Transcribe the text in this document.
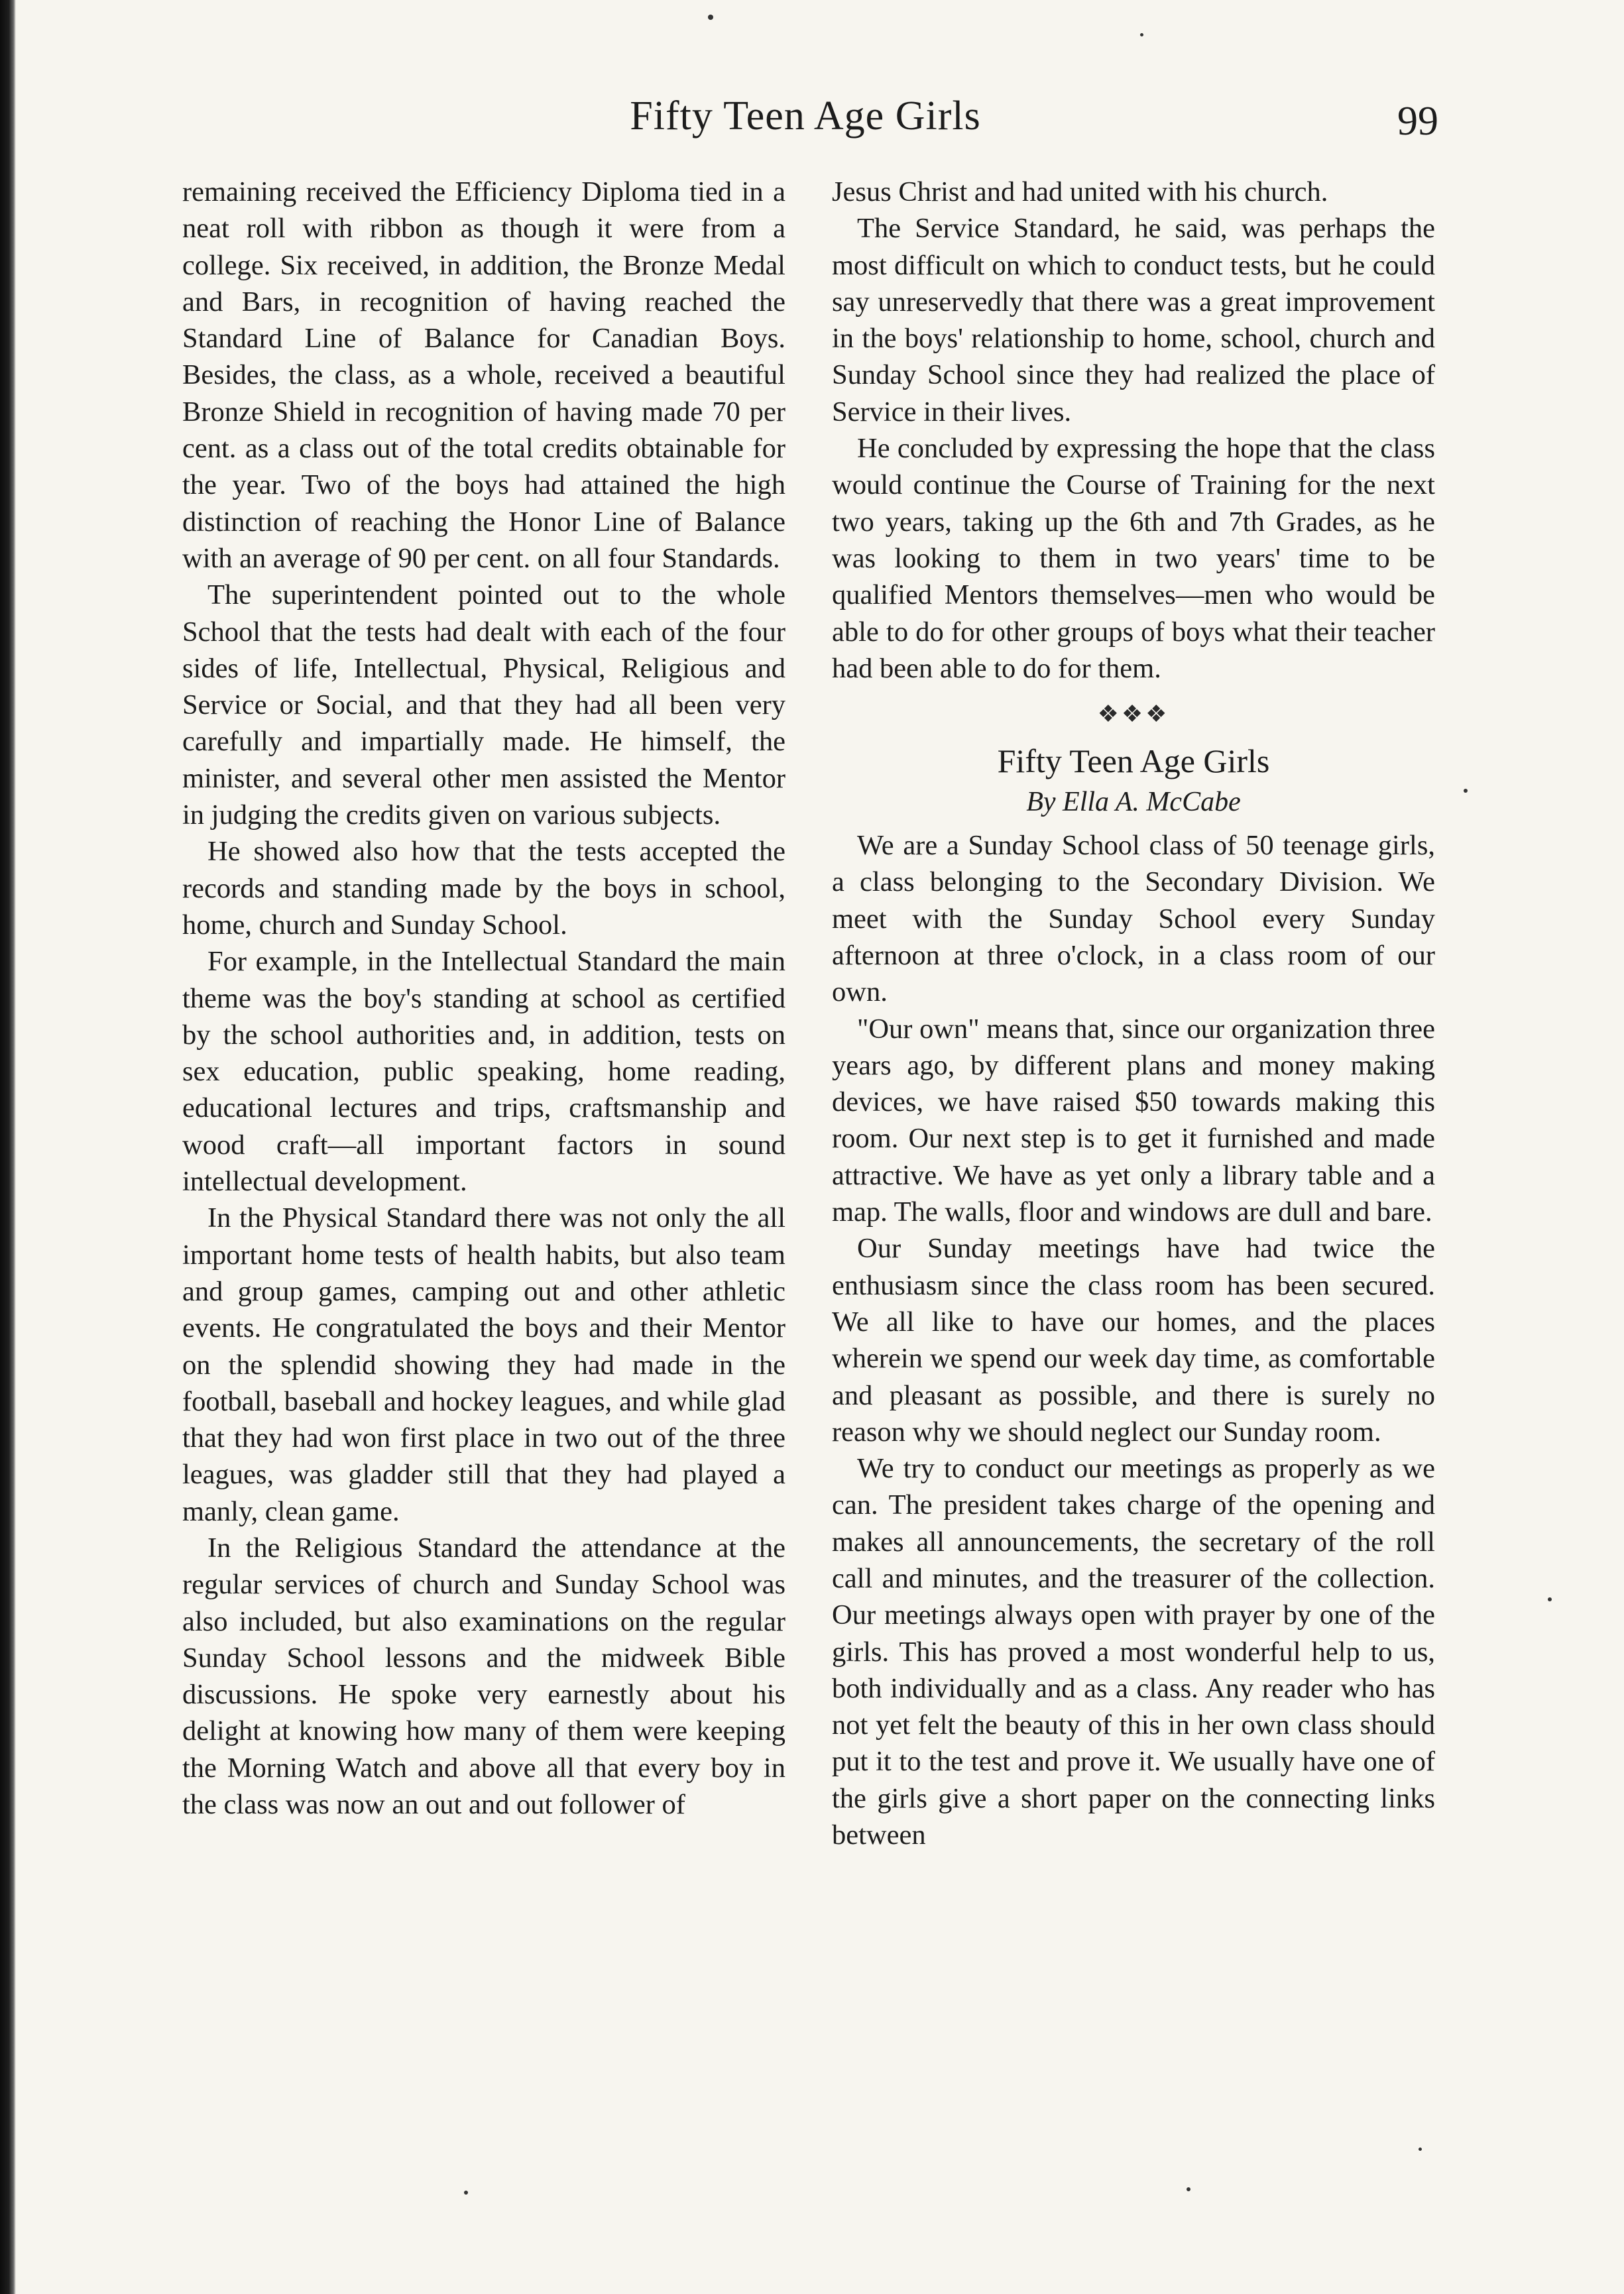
Fifty Teen Age Girls	99

remaining received the Efficiency Diploma tied in a neat roll with ribbon as though it were from a college. Six received, in addition, the Bronze Medal and Bars, in recognition of having reached the Standard Line of Balance for Canadian Boys. Besides, the class, as a whole, received a beautiful Bronze Shield in recognition of having made 70 per cent. as a class out of the total credits obtainable for the year. Two of the boys had attained the high distinction of reaching the Honor Line of Balance with an average of 90 per cent. on all four Standards.

The superintendent pointed out to the whole School that the tests had dealt with each of the four sides of life, Intellectual, Physical, Religious and Service or Social, and that they had all been very carefully and impartially made. He himself, the minister, and several other men assisted the Mentor in judging the credits given on various subjects.

He showed also how that the tests accepted the records and standing made by the boys in school, home, church and Sunday School.

For example, in the Intellectual Standard the main theme was the boy's standing at school as certified by the school authorities and, in addition, tests on sex education, public speaking, home reading, educational lectures and trips, craftsmanship and wood craft—all important factors in sound intellectual development.

In the Physical Standard there was not only the all important home tests of health habits, but also team and group games, camping out and other athletic events. He congratulated the boys and their Mentor on the splendid showing they had made in the football, baseball and hockey leagues, and while glad that they had won first place in two out of the three leagues, was gladder still that they had played a manly, clean game.

In the Religious Standard the attendance at the regular services of church and Sunday School was also included, but also examinations on the regular Sunday School lessons and the midweek Bible discussions. He spoke very earnestly about his delight at knowing how many of them were keeping the Morning Watch and above all that every boy in the class was now an out and out follower of

Jesus Christ and had united with his church.

The Service Standard, he said, was perhaps the most difficult on which to conduct tests, but he could say unreservedly that there was a great improvement in the boys' relationship to home, school, church and Sunday School since they had realized the place of Service in their lives.

He concluded by expressing the hope that the class would continue the Course of Training for the next two years, taking up the 6th and 7th Grades, as he was looking to them in two years' time to be qualified Mentors themselves—men who would be able to do for other groups of boys what their teacher had been able to do for them.

❖❖❖
Fifty Teen Age Girls
By Ella A. McCabe

We are a Sunday School class of 50 teenage girls, a class belonging to the Secondary Division. We meet with the Sunday School every Sunday afternoon at three o'clock, in a class room of our own.

"Our own" means that, since our organization three years ago, by different plans and money making devices, we have raised $50 towards making this room. Our next step is to get it furnished and made attractive. We have as yet only a library table and a map. The walls, floor and windows are dull and bare.

Our Sunday meetings have had twice the enthusiasm since the class room has been secured. We all like to have our homes, and the places wherein we spend our week day time, as comfortable and pleasant as possible, and there is surely no reason why we should neglect our Sunday room.

We try to conduct our meetings as properly as we can. The president takes charge of the opening and makes all announcements, the secretary of the roll call and minutes, and the treasurer of the collection. Our meetings always open with prayer by one of the girls. This has proved a most wonderful help to us, both individually and as a class. Any reader who has not yet felt the beauty of this in her own class should put it to the test and prove it. We usually have one of the girls give a short paper on the connecting links between
